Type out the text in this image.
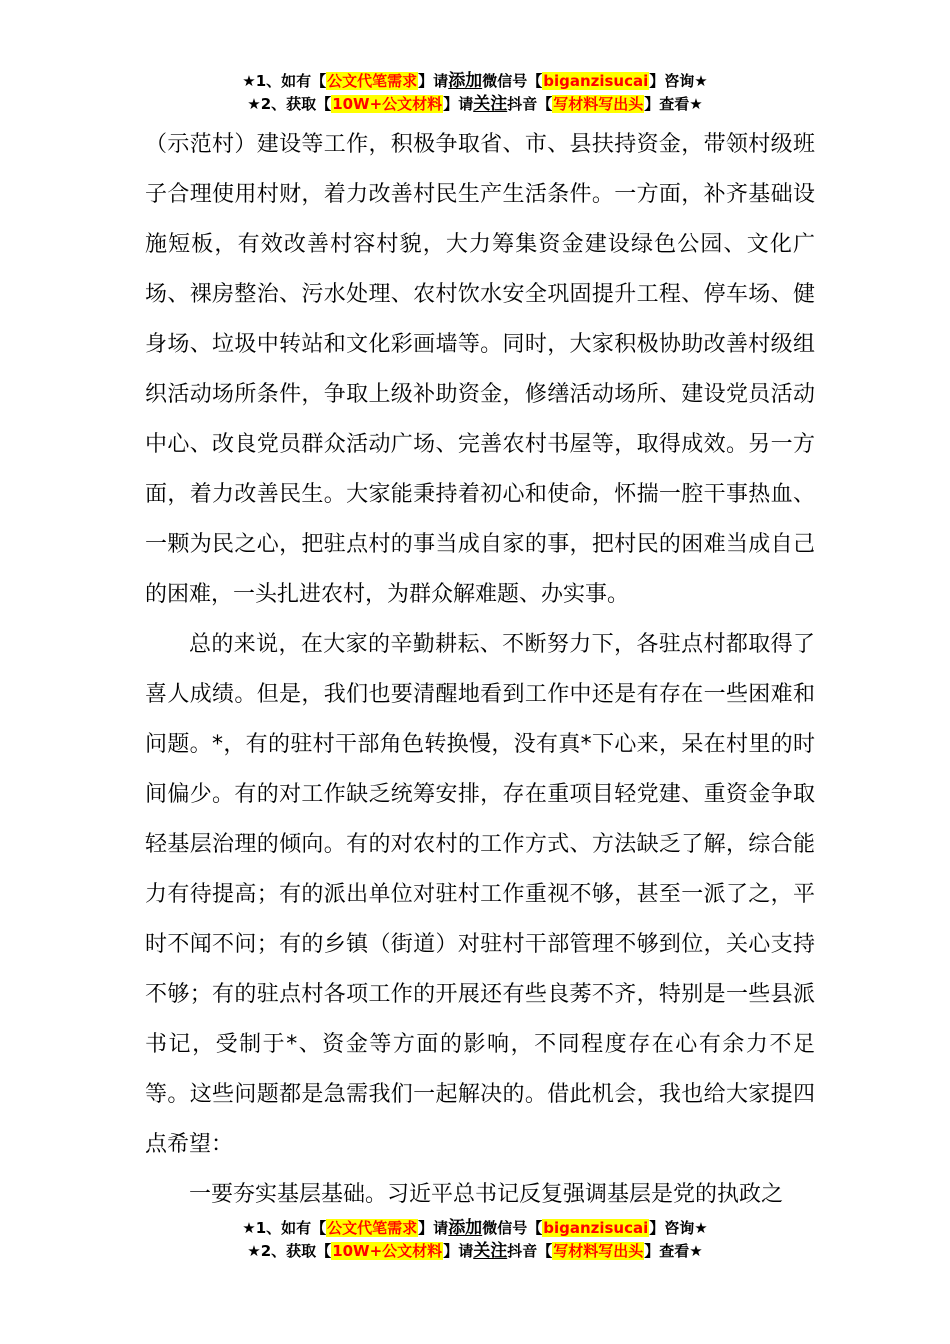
★1、如有【公文代笔需求】请添加微信号【biganzisucai】咨询★
★2、获取【10W+公文材料】请关注抖音【写材料写出头】查看★

（示范村）建设等工作，积极争取省、市、县扶持资金，带领村级班子合理使用村财，着力改善村民生产生活条件。一方面，补齐基础设施短板，有效改善村容村貌，大力筹集资金建设绿色公园、文化广场、裸房整治、污水处理、农村饮水安全巩固提升工程、停车场、健身场、垃圾中转站和文化彩画墙等。同时，大家积极协助改善村级组织活动场所条件，争取上级补助资金，修缮活动场所、建设党员活动中心、改良党员群众活动广场、完善农村书屋等，取得成效。另一方面，着力改善民生。大家能秉持着初心和使命，怀揣一腔干事热血、一颗为民之心，把驻点村的事当成自家的事，把村民的困难当成自己的困难，一头扎进农村，为群众解难题、办实事。

总的来说，在大家的辛勤耕耘、不断努力下，各驻点村都取得了喜人成绩。但是，我们也要清醒地看到工作中还是有存在一些困难和问题。*，有的驻村干部角色转换慢，没有真*下心来，呆在村里的时间偏少。有的对工作缺乏统筹安排，存在重项目轻党建、重资金争取轻基层治理的倾向。有的对农村的工作方式、方法缺乏了解，综合能力有待提高；有的派出单位对驻村工作重视不够，甚至一派了之，平时不闻不问；有的乡镇（街道）对驻村干部管理不够到位，关心支持不够；有的驻点村各项工作的开展还有些良莠不齐，特别是一些县派书记，受制于*、资金等方面的影响，不同程度存在心有余力不足等。这些问题都是急需我们一起解决的。借此机会，我也给大家提四点希望：

一要夯实基层基础。习近平总书记反复强调基层是党的执政之

★1、如有【公文代笔需求】请添加微信号【biganzisucai】咨询★
★2、获取【10W+公文材料】请关注抖音【写材料写出头】查看★
